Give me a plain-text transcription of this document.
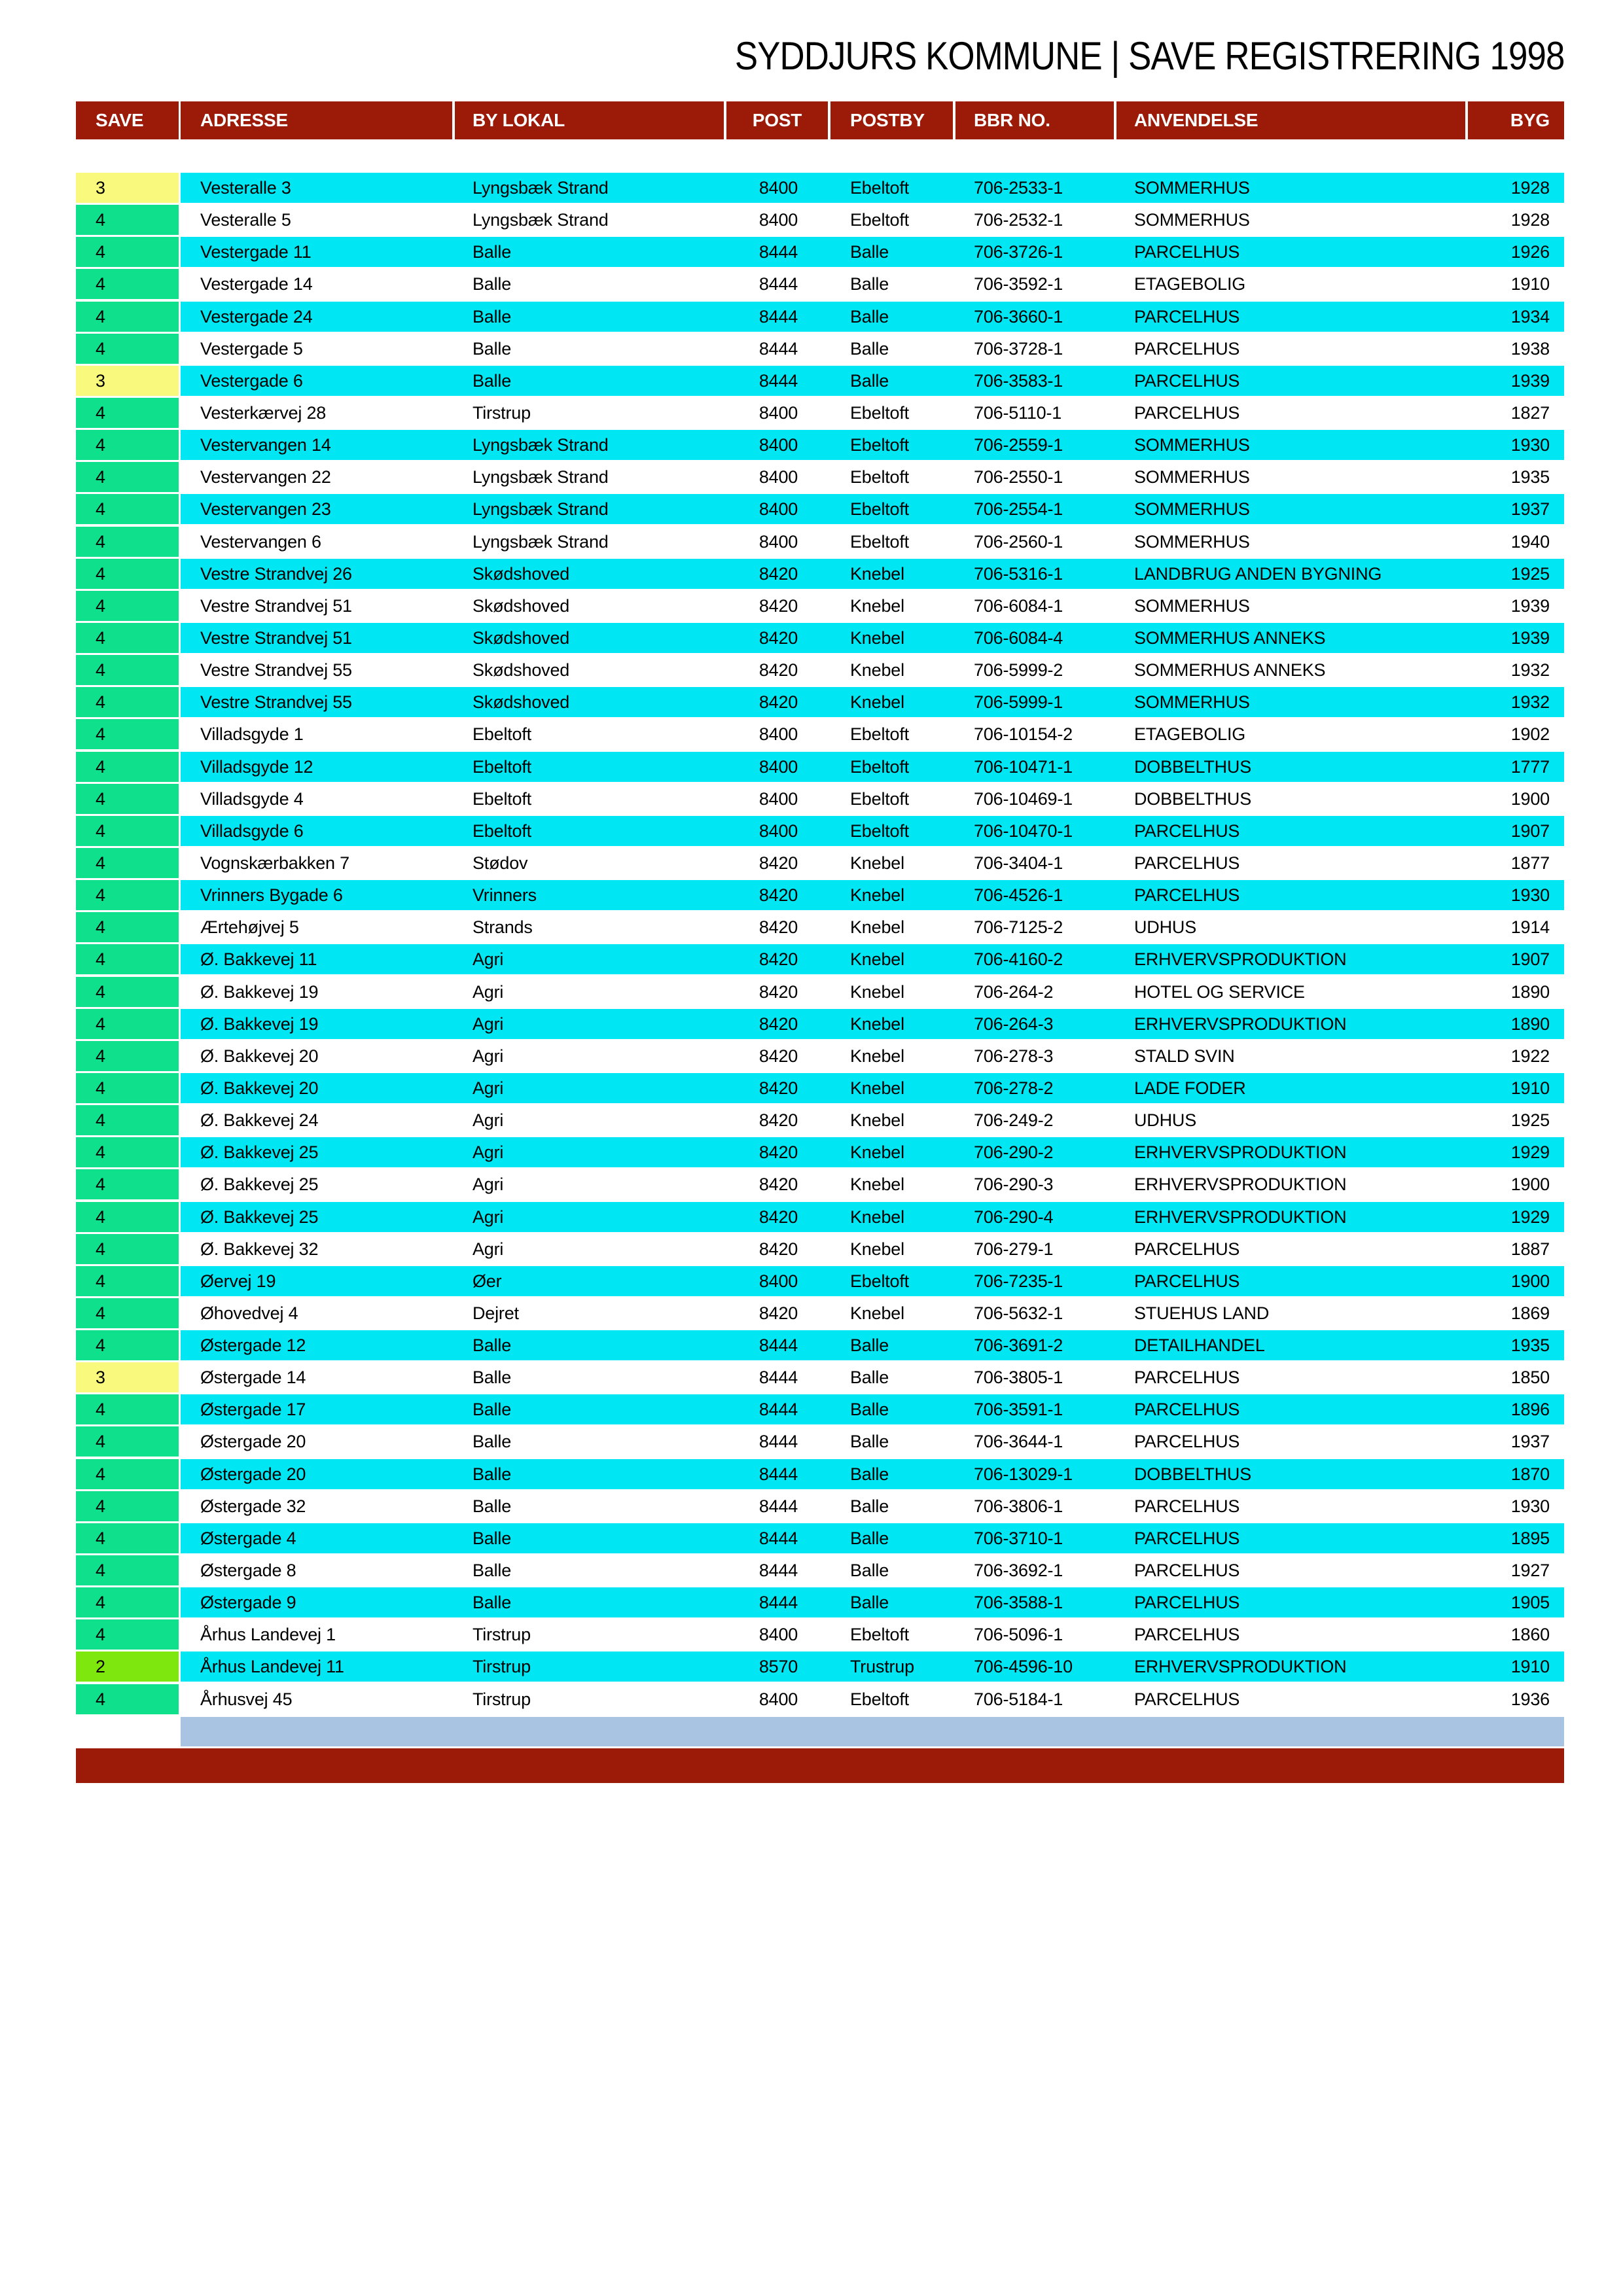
SYDDJURS KOMMUNE | SAVE REGISTRERING 1998
SAVE	ADRESSE	BY LOKAL	POST	POSTBY	BBR NO.	ANVENDELSE	BYG
3	Vesteralle 3	Lyngsbæk Strand	8400	Ebeltoft	706-2533-1	SOMMERHUS	1928
4	Vesteralle 5	Lyngsbæk Strand	8400	Ebeltoft	706-2532-1	SOMMERHUS	1928
4	Vestergade 11	Balle	8444	Balle	706-3726-1	PARCELHUS	1926
4	Vestergade 14	Balle	8444	Balle	706-3592-1	ETAGEBOLIG	1910
4	Vestergade 24	Balle	8444	Balle	706-3660-1	PARCELHUS	1934
4	Vestergade 5	Balle	8444	Balle	706-3728-1	PARCELHUS	1938
3	Vestergade 6	Balle	8444	Balle	706-3583-1	PARCELHUS	1939
4	Vesterkærvej 28	Tirstrup	8400	Ebeltoft	706-5110-1	PARCELHUS	1827
4	Vestervangen 14	Lyngsbæk Strand	8400	Ebeltoft	706-2559-1	SOMMERHUS	1930
4	Vestervangen 22	Lyngsbæk Strand	8400	Ebeltoft	706-2550-1	SOMMERHUS	1935
4	Vestervangen 23	Lyngsbæk Strand	8400	Ebeltoft	706-2554-1	SOMMERHUS	1937
4	Vestervangen 6	Lyngsbæk Strand	8400	Ebeltoft	706-2560-1	SOMMERHUS	1940
4	Vestre Strandvej 26	Skødshoved	8420	Knebel	706-5316-1	LANDBRUG ANDEN BYGNING	1925
4	Vestre Strandvej 51	Skødshoved	8420	Knebel	706-6084-1	SOMMERHUS	1939
4	Vestre Strandvej 51	Skødshoved	8420	Knebel	706-6084-4	SOMMERHUS ANNEKS	1939
4	Vestre Strandvej 55	Skødshoved	8420	Knebel	706-5999-2	SOMMERHUS ANNEKS	1932
4	Vestre Strandvej 55	Skødshoved	8420	Knebel	706-5999-1	SOMMERHUS	1932
4	Villadsgyde 1	Ebeltoft	8400	Ebeltoft	706-10154-2	ETAGEBOLIG	1902
4	Villadsgyde 12	Ebeltoft	8400	Ebeltoft	706-10471-1	DOBBELTHUS	1777
4	Villadsgyde 4	Ebeltoft	8400	Ebeltoft	706-10469-1	DOBBELTHUS	1900
4	Villadsgyde 6	Ebeltoft	8400	Ebeltoft	706-10470-1	PARCELHUS	1907
4	Vognskærbakken 7	Stødov	8420	Knebel	706-3404-1	PARCELHUS	1877
4	Vrinners Bygade 6	Vrinners	8420	Knebel	706-4526-1	PARCELHUS	1930
4	Ærtehøjvej 5	Strands	8420	Knebel	706-7125-2	UDHUS	1914
4	Ø. Bakkevej 11	Agri	8420	Knebel	706-4160-2	ERHVERVSPRODUKTION	1907
4	Ø. Bakkevej 19	Agri	8420	Knebel	706-264-2	HOTEL OG SERVICE	1890
4	Ø. Bakkevej 19	Agri	8420	Knebel	706-264-3	ERHVERVSPRODUKTION	1890
4	Ø. Bakkevej 20	Agri	8420	Knebel	706-278-3	STALD SVIN	1922
4	Ø. Bakkevej 20	Agri	8420	Knebel	706-278-2	LADE FODER	1910
4	Ø. Bakkevej 24	Agri	8420	Knebel	706-249-2	UDHUS	1925
4	Ø. Bakkevej 25	Agri	8420	Knebel	706-290-2	ERHVERVSPRODUKTION	1929
4	Ø. Bakkevej 25	Agri	8420	Knebel	706-290-3	ERHVERVSPRODUKTION	1900
4	Ø. Bakkevej 25	Agri	8420	Knebel	706-290-4	ERHVERVSPRODUKTION	1929
4	Ø. Bakkevej 32	Agri	8420	Knebel	706-279-1	PARCELHUS	1887
4	Øervej 19	Øer	8400	Ebeltoft	706-7235-1	PARCELHUS	1900
4	Øhovedvej 4	Dejret	8420	Knebel	706-5632-1	STUEHUS LAND	1869
4	Østergade 12	Balle	8444	Balle	706-3691-2	DETAILHANDEL	1935
3	Østergade 14	Balle	8444	Balle	706-3805-1	PARCELHUS	1850
4	Østergade 17	Balle	8444	Balle	706-3591-1	PARCELHUS	1896
4	Østergade 20	Balle	8444	Balle	706-3644-1	PARCELHUS	1937
4	Østergade 20	Balle	8444	Balle	706-13029-1	DOBBELTHUS	1870
4	Østergade 32	Balle	8444	Balle	706-3806-1	PARCELHUS	1930
4	Østergade 4	Balle	8444	Balle	706-3710-1	PARCELHUS	1895
4	Østergade 8	Balle	8444	Balle	706-3692-1	PARCELHUS	1927
4	Østergade 9	Balle	8444	Balle	706-3588-1	PARCELHUS	1905
4	Århus Landevej 1	Tirstrup	8400	Ebeltoft	706-5096-1	PARCELHUS	1860
2	Århus Landevej 11	Tirstrup	8570	Trustrup	706-4596-10	ERHVERVSPRODUKTION	1910
4	Århusvej 45	Tirstrup	8400	Ebeltoft	706-5184-1	PARCELHUS	1936
